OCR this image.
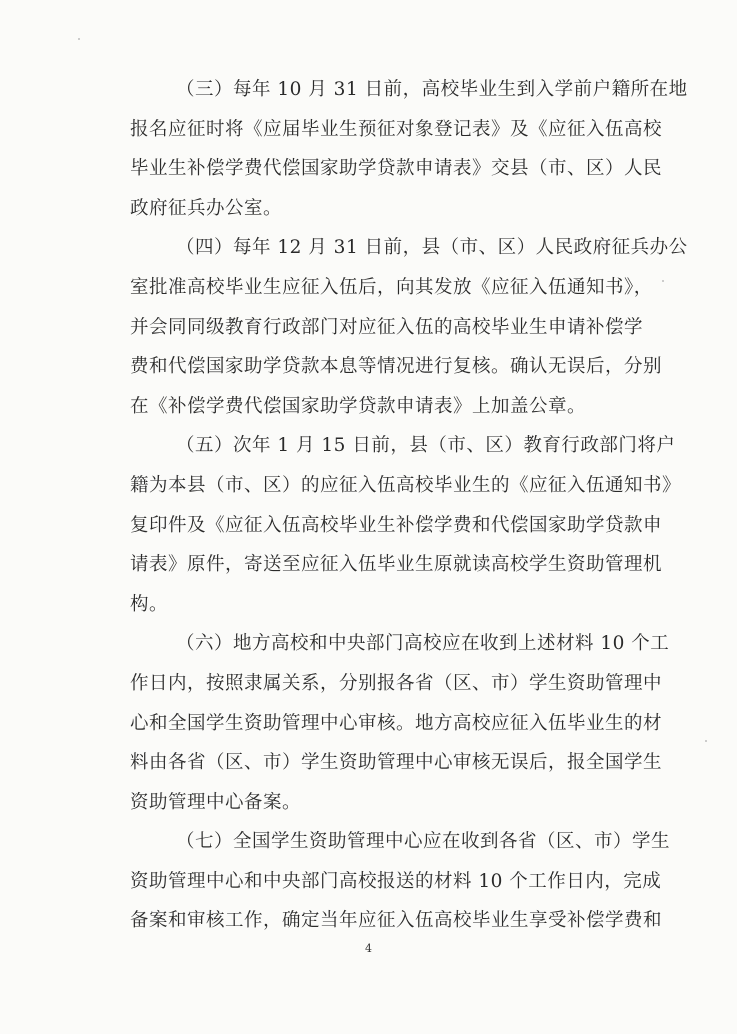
（三）每年 10 月 31 日前，高校毕业生到入学前户籍所在地
报名应征时将《应届毕业生预征对象登记表》及《应征入伍高校
毕业生补偿学费代偿国家助学贷款申请表》交县（市、区）人民
政府征兵办公室。

（四）每年 12 月 31 日前，县（市、区）人民政府征兵办公
室批准高校毕业生应征入伍后，向其发放《应征入伍通知书》，
并会同同级教育行政部门对应征入伍的高校毕业生申请补偿学
费和代偿国家助学贷款本息等情况进行复核。确认无误后，分别
在《补偿学费代偿国家助学贷款申请表》上加盖公章。

（五）次年 1 月 15 日前，县（市、区）教育行政部门将户
籍为本县（市、区）的应征入伍高校毕业生的《应征入伍通知书》
复印件及《应征入伍高校毕业生补偿学费和代偿国家助学贷款申
请表》原件，寄送至应征入伍毕业生原就读高校学生资助管理机
构。

（六）地方高校和中央部门高校应在收到上述材料 10 个工
作日内，按照隶属关系，分别报各省（区、市）学生资助管理中
心和全国学生资助管理中心审核。地方高校应征入伍毕业生的材
料由各省（区、市）学生资助管理中心审核无误后，报全国学生
资助管理中心备案。

（七）全国学生资助管理中心应在收到各省（区、市）学生
资助管理中心和中央部门高校报送的材料 10 个工作日内，完成
备案和审核工作，确定当年应征入伍高校毕业生享受补偿学费和

4
